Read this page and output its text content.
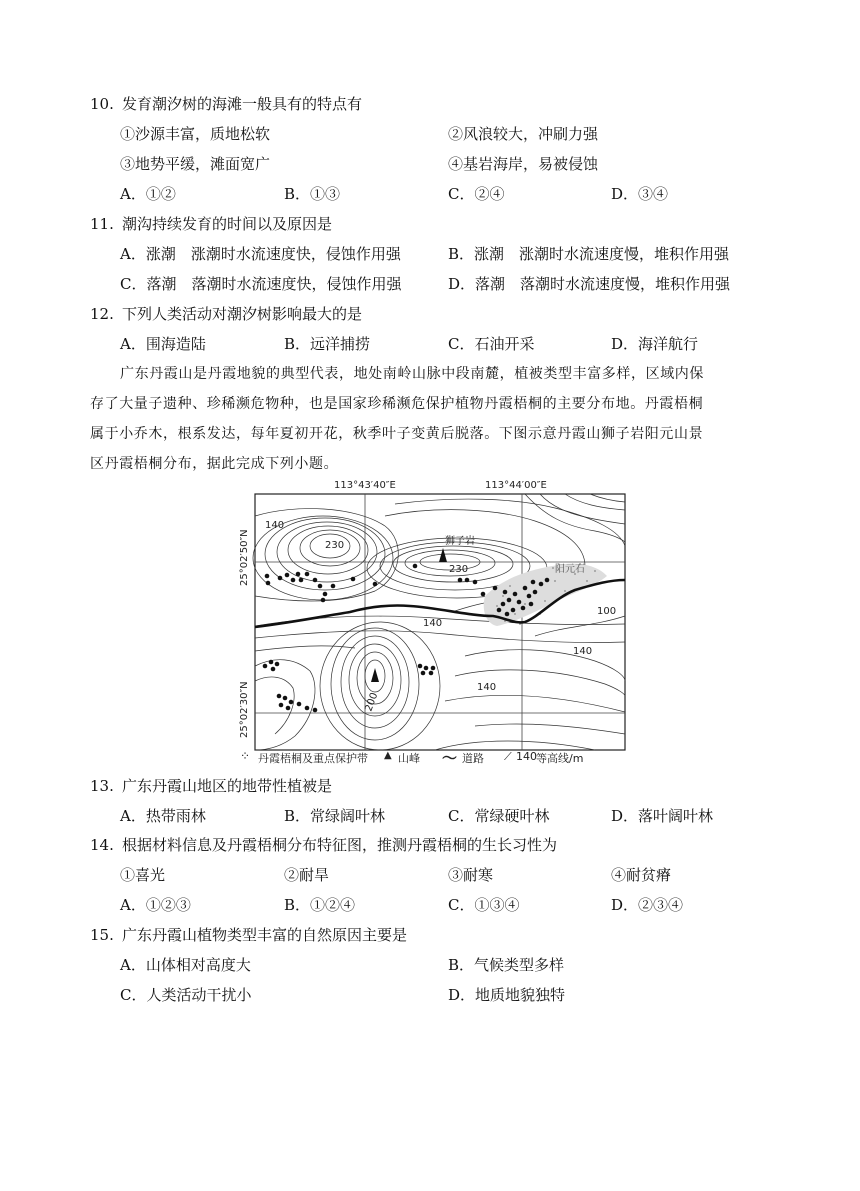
10. 发育潮汐树的海滩一般具有的特点有
①沙源丰富，质地松软	②风浪较大，冲刷力强
③地势平缓，滩面宽广	④基岩海岸，易被侵蚀
A．①②	B．①③	C．②④	D．③④
11. 潮沟持续发育的时间以及原因是
A．涨潮　涨潮时水流速度快，侵蚀作用强	B．涨潮　涨潮时水流速度慢，堆积作用强
C．落潮　落潮时水流速度快，侵蚀作用强	D．落潮　落潮时水流速度慢，堆积作用强
12. 下列人类活动对潮汐树影响最大的是
A．围海造陆	B．远洋捕捞	C．石油开采	D．海洋航行
广东丹霞山是丹霞地貌的典型代表，地处南岭山脉中段南麓，植被类型丰富多样，区域内保
存了大量子遗种、珍稀濒危物种，也是国家珍稀濒危保护植物丹霞梧桐的主要分布地。丹霞梧桐
属于小乔木，根系发达，每年夏初开花，秋季叶子变黄后脱落。下图示意丹霞山狮子岩阳元山景
区丹霞梧桐分布，据此完成下列小题。
113°43′40″E	113°44′00″E
25°02′50″N
25°02′30″N
140
230
230
140
100
140
140
200
狮子岩
阳元石
⁘ 丹霞梧桐及重点保护带 ▲ 山峰 〜 道路 ⟋ 140 等高线/m
13. 广东丹霞山地区的地带性植被是
A．热带雨林	B．常绿阔叶林	C．常绿硬叶林	D．落叶阔叶林
14. 根据材料信息及丹霞梧桐分布特征图，推测丹霞梧桐的生长习性为
①喜光	②耐旱	③耐寒	④耐贫瘠
A．①②③	B．①②④	C．①③④	D．②③④
15. 广东丹霞山植物类型丰富的自然原因主要是
A．山体相对高度大	B．气候类型多样
C．人类活动干扰小	D．地质地貌独特
